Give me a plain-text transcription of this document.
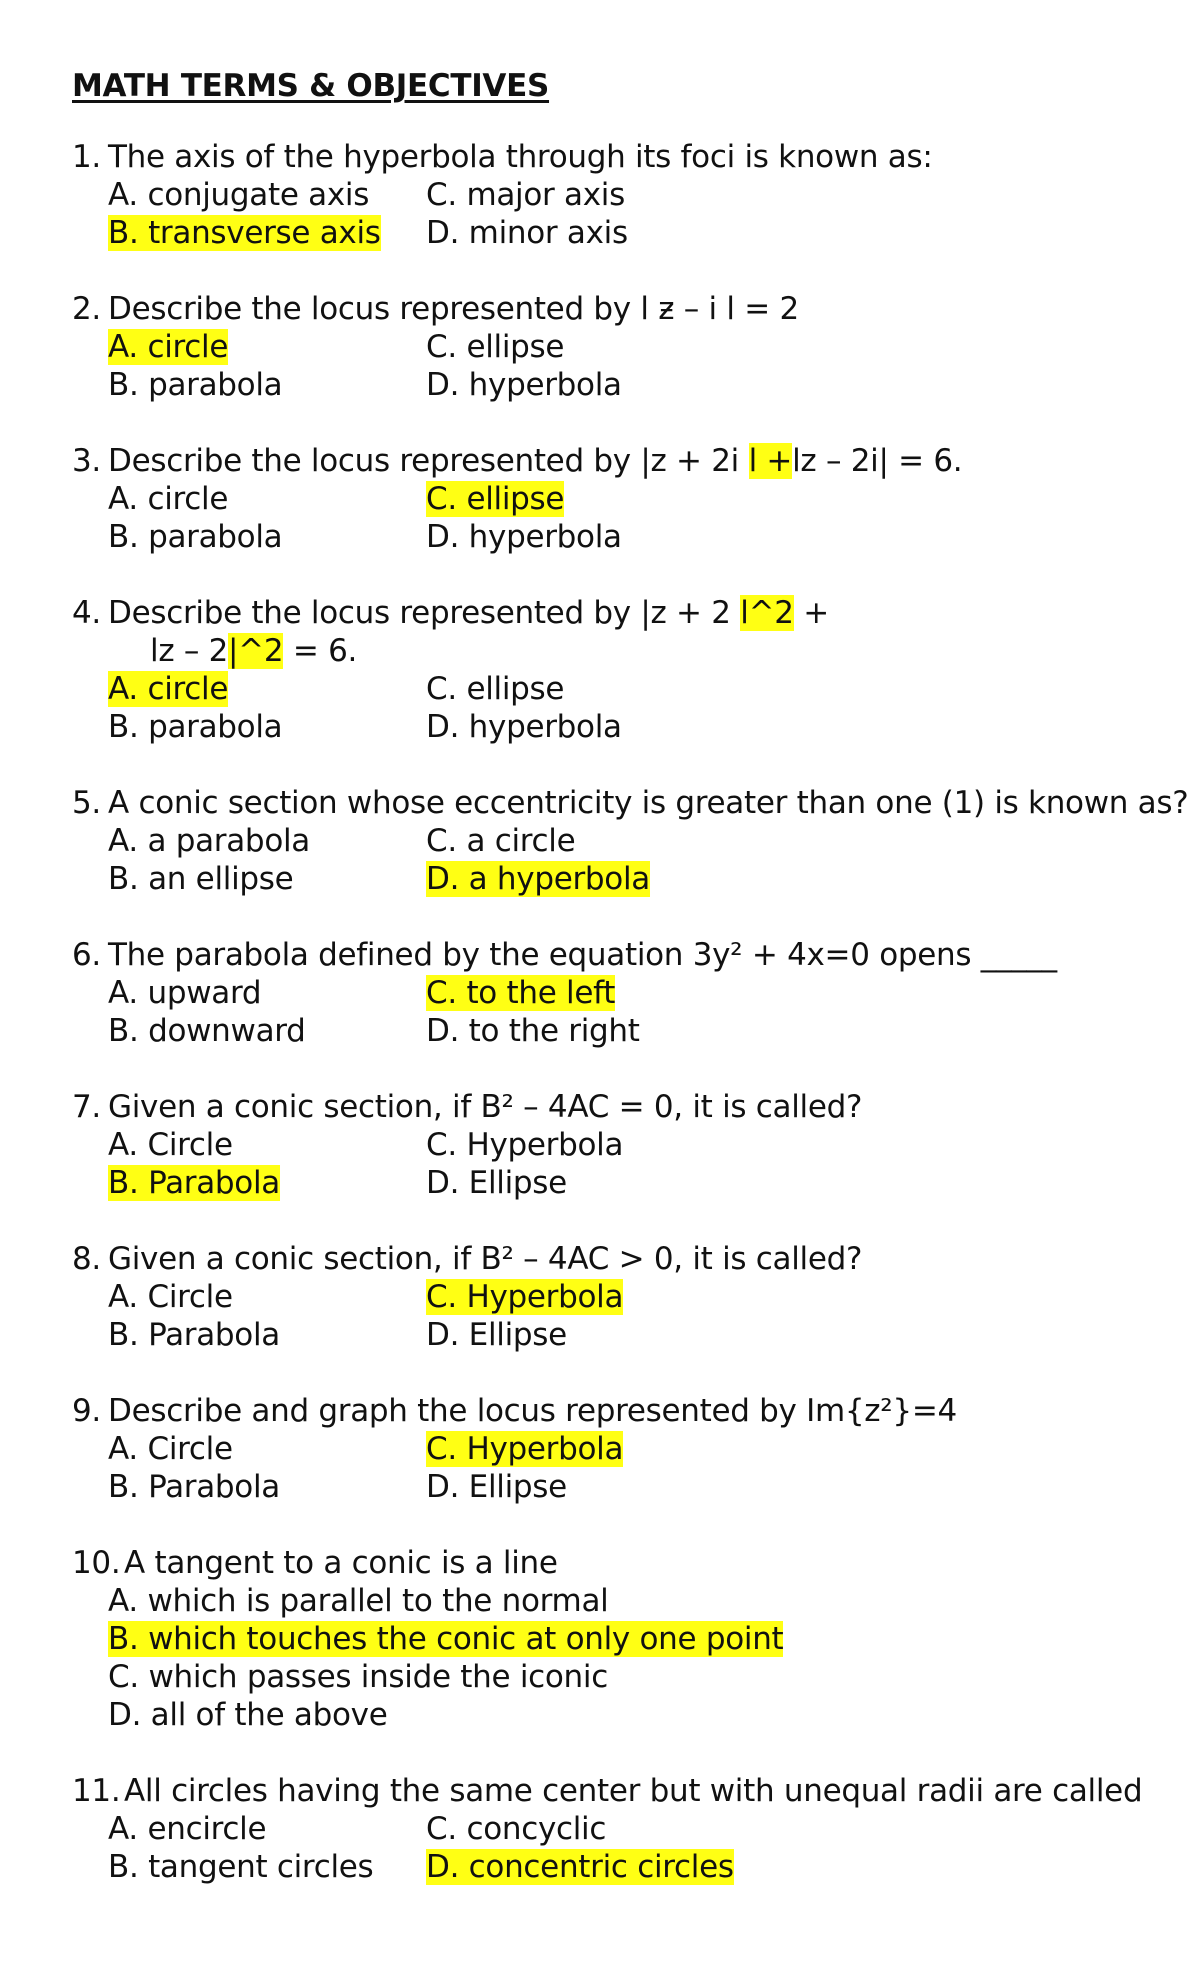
MATH TERMS & OBJECTIVES
1. The axis of the hyperbola through its foci is known as:
A. conjugate axis	C. major axis
B. transverse axis	D. minor axis
2. Describe the locus represented by l ƶ – i l = 2
A. circle	C. ellipse
B. parabola	D. hyperbola
3. Describe the locus represented by |z + 2i l +lz – 2i| = 6.
A. circle	C. ellipse
B. parabola	D. hyperbola
4. Describe the locus represented by |z + 2 l^2 +
lz – 2|^2 = 6.
A. circle	C. ellipse
B. parabola	D. hyperbola
5. A conic section whose eccentricity is greater than one (1) is known as?
A. a parabola	C. a circle
B. an ellipse	D. a hyperbola
6. The parabola defined by the equation 3y² + 4x=0 opens _____
A. upward	C. to the left
B. downward	D. to the right
7. Given a conic section, if B² – 4AC = 0, it is called?
A. Circle	C. Hyperbola
B. Parabola	D. Ellipse
8. Given a conic section, if B² – 4AC > 0, it is called?
A. Circle	C. Hyperbola
B. Parabola	D. Ellipse
9. Describe and graph the locus represented by Im{z²}=4
A. Circle	C. Hyperbola
B. Parabola	D. Ellipse
10. A tangent to a conic is a line
A. which is parallel to the normal
B. which touches the conic at only one point
C. which passes inside the iconic
D. all of the above
11. All circles having the same center but with unequal radii are called
A. encircle	C. concyclic
B. tangent circles	D. concentric circles
